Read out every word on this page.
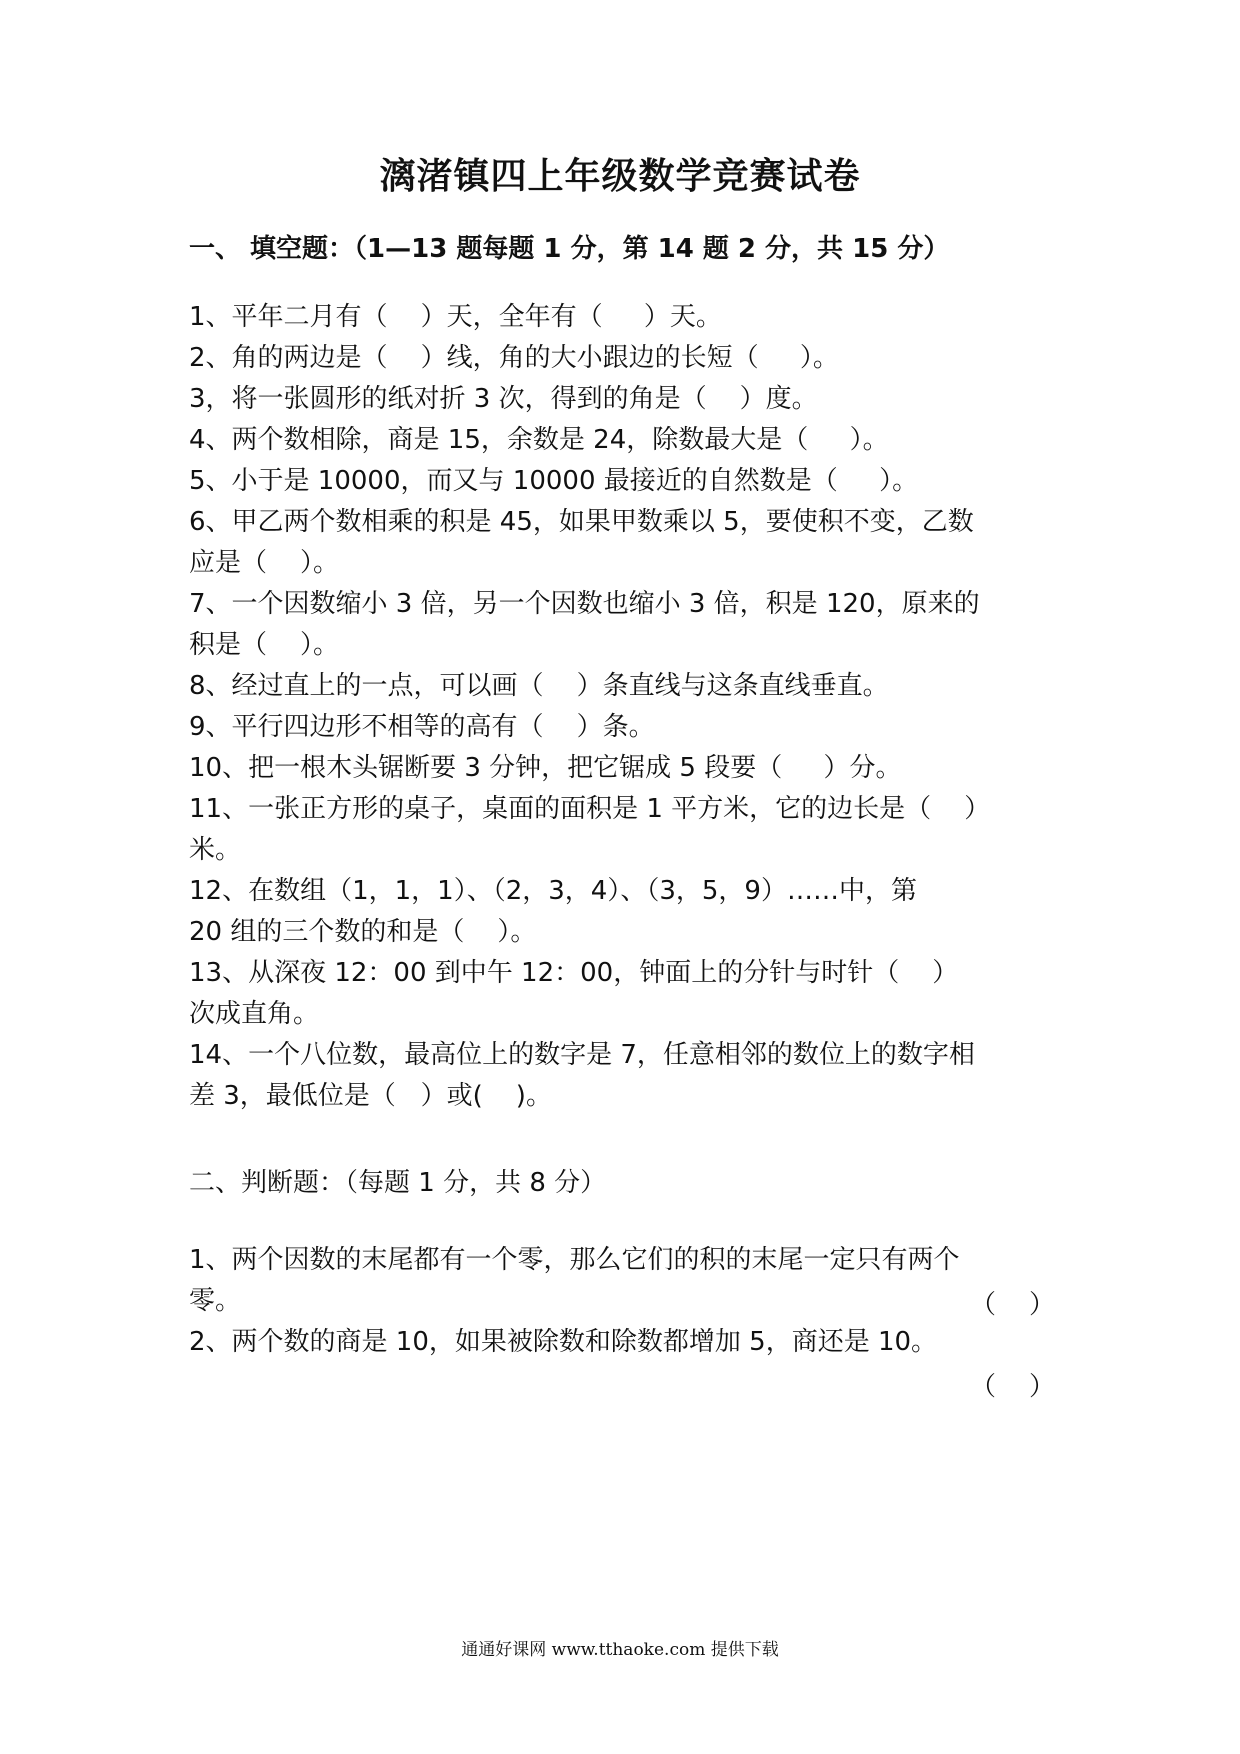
漓渚镇四上年级数学竞赛试卷
一、 填空题：（1—13 题每题 1 分，第 14 题 2 分，共 15 分）
1、平年二月有（    ）天，全年有（     ）天。
2、角的两边是（    ）线，角的大小跟边的长短（     ）。
3，将一张圆形的纸对折 3 次，得到的角是（    ）度。
4、两个数相除，商是 15，余数是 24，除数最大是（     ）。
5、小于是 10000，而又与 10000 最接近的自然数是（     ）。
6、甲乙两个数相乘的积是 45，如果甲数乘以 5，要使积不变，乙数
应是（    ）。
7、一个因数缩小 3 倍，另一个因数也缩小 3 倍，积是 120，原来的
积是（    ）。
8、经过直上的一点，可以画（    ）条直线与这条直线垂直。
9、平行四边形不相等的高有（    ）条。
10、把一根木头锯断要 3 分钟，把它锯成 5 段要（     ）分。
11、一张正方形的桌子，桌面的面积是 1 平方米，它的边长是（    ）
米。
12、在数组（1，1，1）、（2，3，4）、（3，5，9）……中，第
20 组的三个数的和是（    ）。
13、从深夜 12：00 到中午 12：00，钟面上的分针与时针（    ）
次成直角。
14、一个八位数，最高位上的数字是 7，任意相邻的数位上的数字相
差 3，最低位是（   ）或(    )。
二、判断题：（每题 1 分，共 8 分）
1、两个因数的末尾都有一个零，那么它们的积的末尾一定只有两个
零。	（    ）
2、两个数的商是 10，如果被除数和除数都增加 5，商还是 10。
（    ）
通通好课网 www.tthaoke.com 提供下载
